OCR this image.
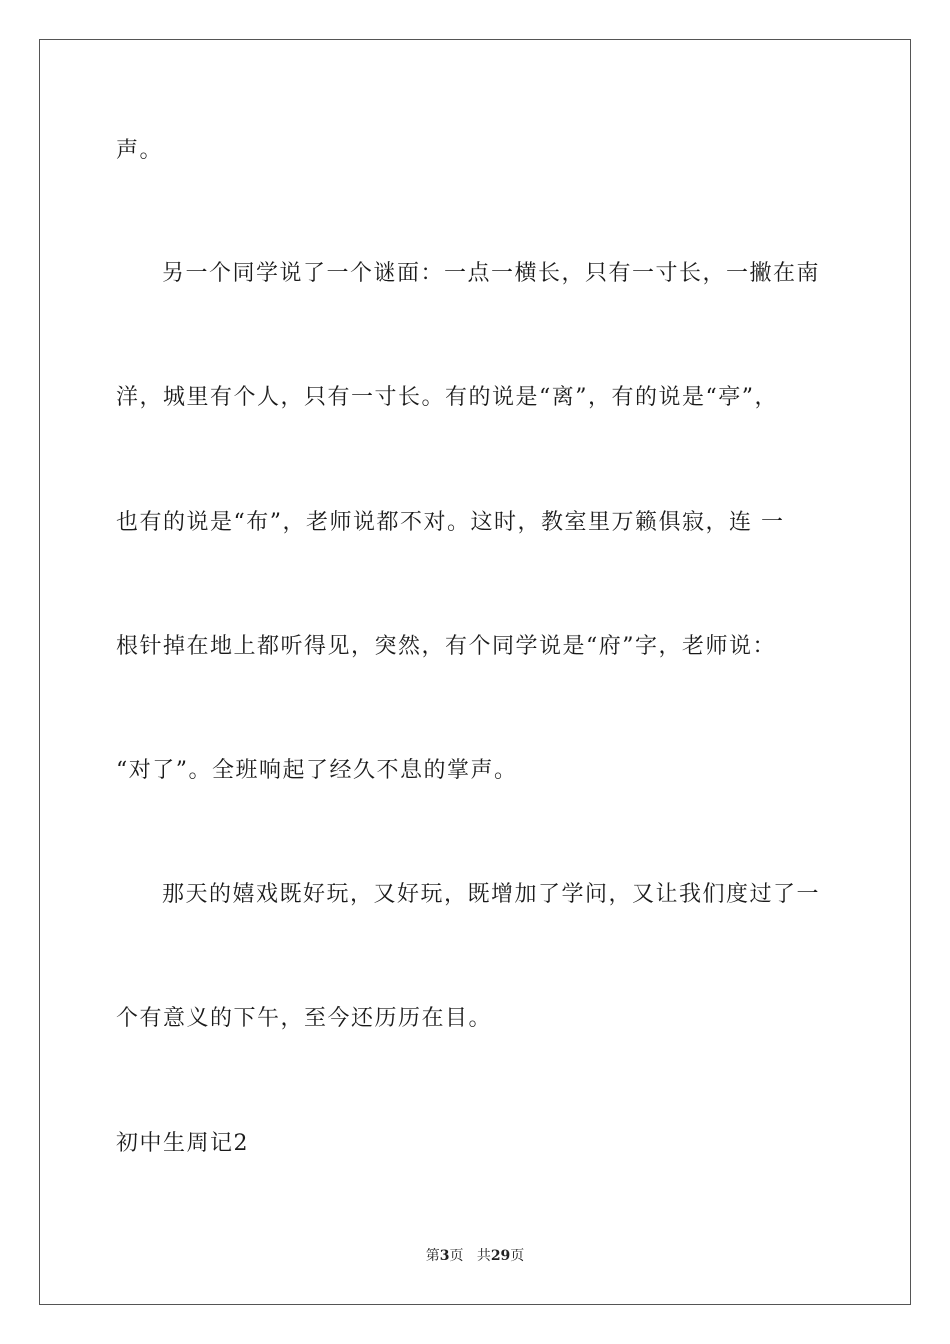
声。

另一个同学说了一个谜面：一点一横长，只有一寸长，一撇在南

洋，城里有个人，只有一寸长。有的说是“离”，有的说是“亭”，

也有的说是“布”，老师说都不对。这时，教室里万籁俱寂，连 一

根针掉在地上都听得见，突然，有个同学说是“府”字，老师说：

“对了”。全班响起了经久不息的掌声。

那天的嬉戏既好玩，又好玩，既增加了学问，又让我们度过了一

个有意义的下午，至今还历历在目。

初中生周记2

第3页 共29页
